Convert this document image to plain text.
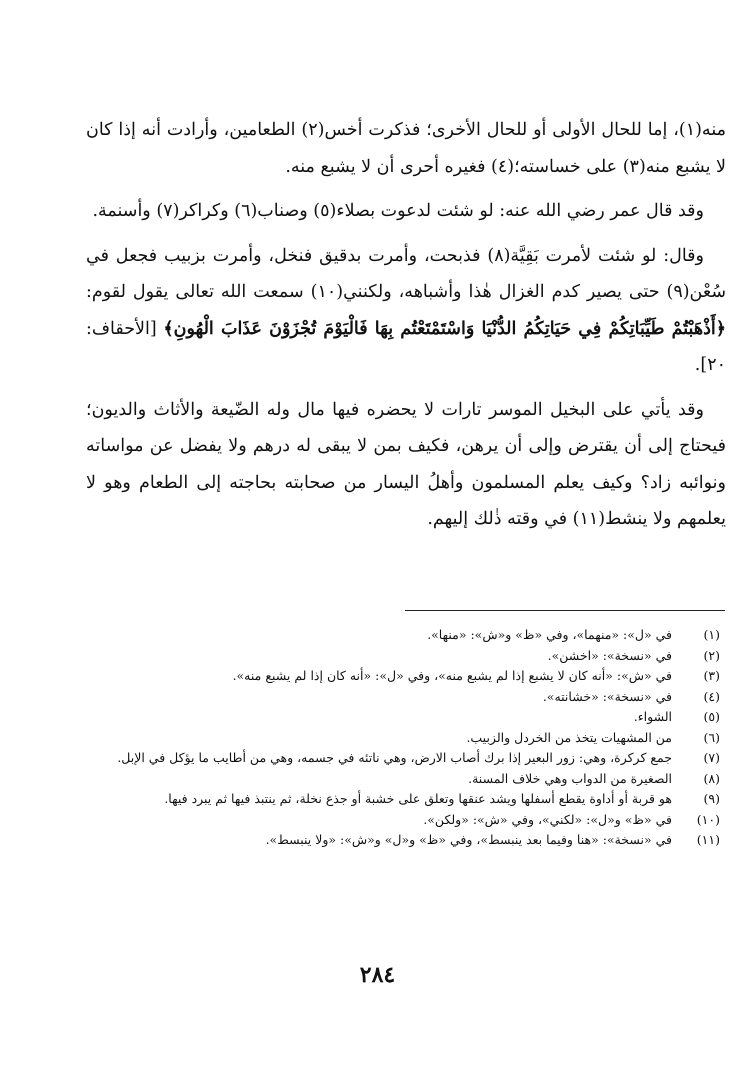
منه(١)، إما للحال الأولى أو للحال الأخرى؛ فذكرت أخس(٢) الطعامين، وأرادت أنه إذا كان لا يشبع منه(٣) على خساسته؛(٤) فغيره أحرى أن لا يشبع منه.

وقد قال عمر رضي الله عنه: لو شئت لدعوت بصلاء(٥) وصناب(٦) وكراكر(٧) وأسنمة.

وقال: لو شئت لأمرت بَقِيَّة(٨) فذبحت، وأمرت بدقيق فنخل، وأمرت بزبيب فجعل في سُعْن(٩) حتى يصير كدم الغزال هٰذا وأشباهه، ولكنني(١٠) سمعت الله تعالى يقول لقوم: ﴿أَذْهَبْتُمْ طَيِّبَاتِكُمْ فِي حَيَاتِكُمُ الدُّنْيَا وَاسْتَمْتَعْتُم بِهَا فَالْيَوْمَ تُجْزَوْنَ عَذَابَ الْهُونِ﴾ [الأحقاف: ٢٠].

وقد يأتي على البخيل الموسر تارات لا يحضره فيها مال وله الضّيعة والأثاث والديون؛ فيحتاج إلى أن يقترض وإلى أن يرهن، فكيف بمن لا يبقى له درهم ولا يفضل عن مواساته ونوائبه زاد؟ وكيف يعلم المسلمون وأهلُ اليسار من صحابته بحاجته إلى الطعام وهو لا يعلمهم ولا ينشط(١١) في وقته ذٰلك إليهم.

(١)
في «ل»: «منهما»، وفي «ظ» و«ش»: «منها».
(٢)
في «نسخة»: «اخشن».
(٣)
في «ش»: «أنه كان لا يشبع إذا لم يشبع منه»، وفي «ل»: «أنه كان إذا لم يشبع منه».
(٤)
في «نسخة»: «خشانته».
(٥)
الشواء.
(٦)
من المشهيات يتخذ من الخردل والزبيب.
(٧)
جمع كركرة، وهي: زور البعير إذا برك أصاب الارض، وهي ناتئه في جسمه، وهي من أطايب ما يؤكل في الإبل.
(٨)
الصغيرة من الدواب وهي خلاف المسنة.
(٩)
هو قربة أو أداوة يقطع أسفلها ويشد عنقها وتعلق على خشبة أو جذع نخلة، ثم ينتبذ فيها ثم يبرد فيها.
(١٠)
في «ظ» و«ل»: «لكني»، وفي «ش»: «ولكن».
(١١)
في «نسخة»: «هنا وفيما بعد ينبسط»، وفي «ظ» و«ل» و«ش»: «ولا ينبسط».
٢٨٤
